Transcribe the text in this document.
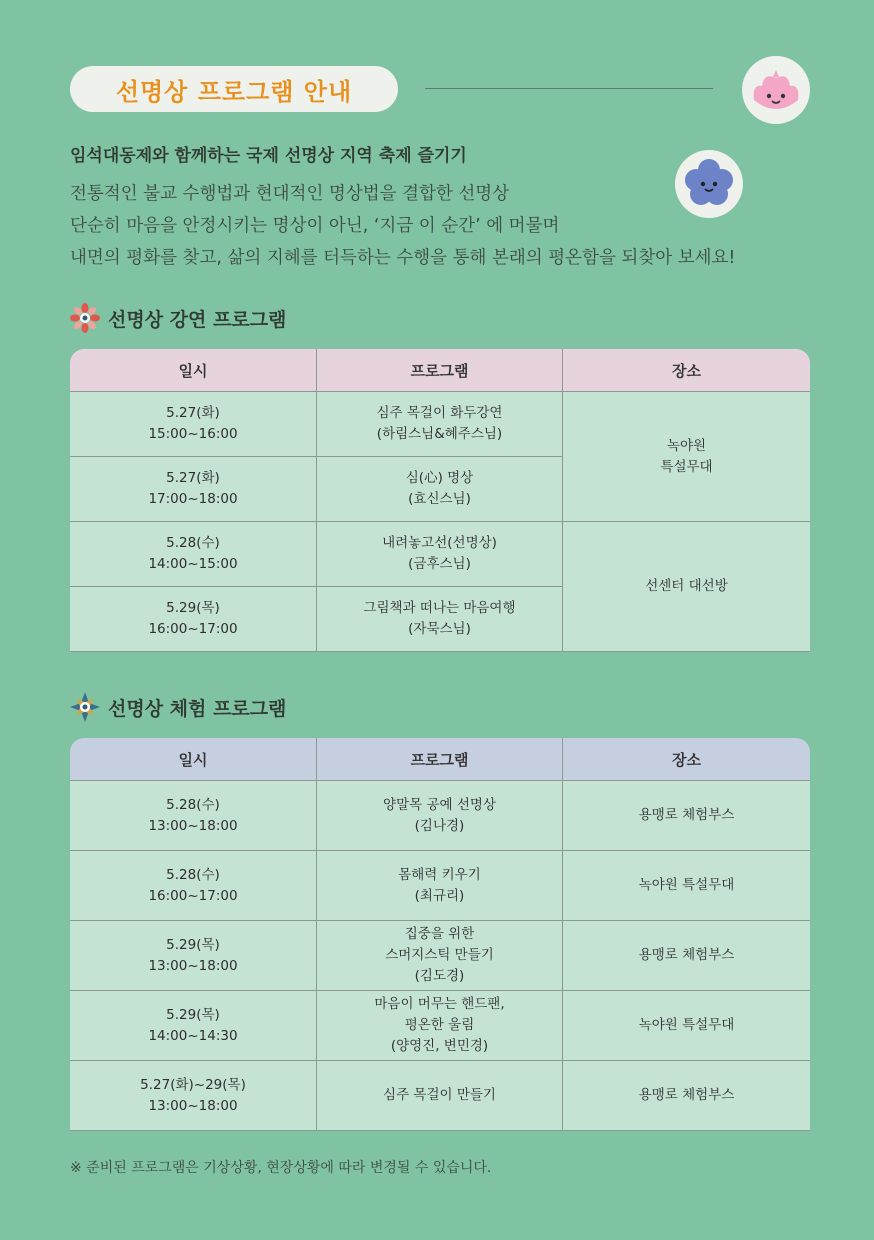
선명상 프로그램 안내
임석대동제와 함께하는 국제 선명상 지역 축제 즐기기
전통적인 불교 수행법과 현대적인 명상법을 결합한 선명상
단순히 마음을 안정시키는 명상이 아닌, ‘지금 이 순간’ 에 머물며
내면의 평화를 찾고, 삶의 지혜를 터득하는 수행을 통해 본래의 평온함을 되찾아 보세요!
선명상 강연 프로그램
일시	프로그램	장소

5.27(화)
15:00~16:00	심주 목걸이 화두강연
(하림스님&혜주스님)	녹야원
특설무대

5.27(화)
17:00~18:00	심(心) 명상
(효신스님)	

5.28(수)
14:00~15:00	내려놓고선(선명상)
(금후스님)	선센터 대선방

5.29(목)
16:00~17:00	그림책과 떠나는 마음여행
(자묵스님)	
선명상 체험 프로그램
일시	프로그램	장소

5.28(수)
13:00~18:00	양말목 공예 선명상
(김나경)	용맹로 체험부스

5.28(수)
16:00~17:00	몸해력 키우기
(최규리)	녹야원 특설무대

5.29(목)
13:00~18:00	집중을 위한
스머지스틱 만들기
(김도경)	용맹로 체험부스

5.29(목)
14:00~14:30	마음이 머무는 핸드팬,
평온한 울림
(양영진, 변민경)	녹야원 특설무대

5.27(화)~29(목)
13:00~18:00	심주 목걸이 만들기	용맹로 체험부스
※ 준비된 프로그램은 기상상황, 현장상황에 따라 변경될 수 있습니다.
